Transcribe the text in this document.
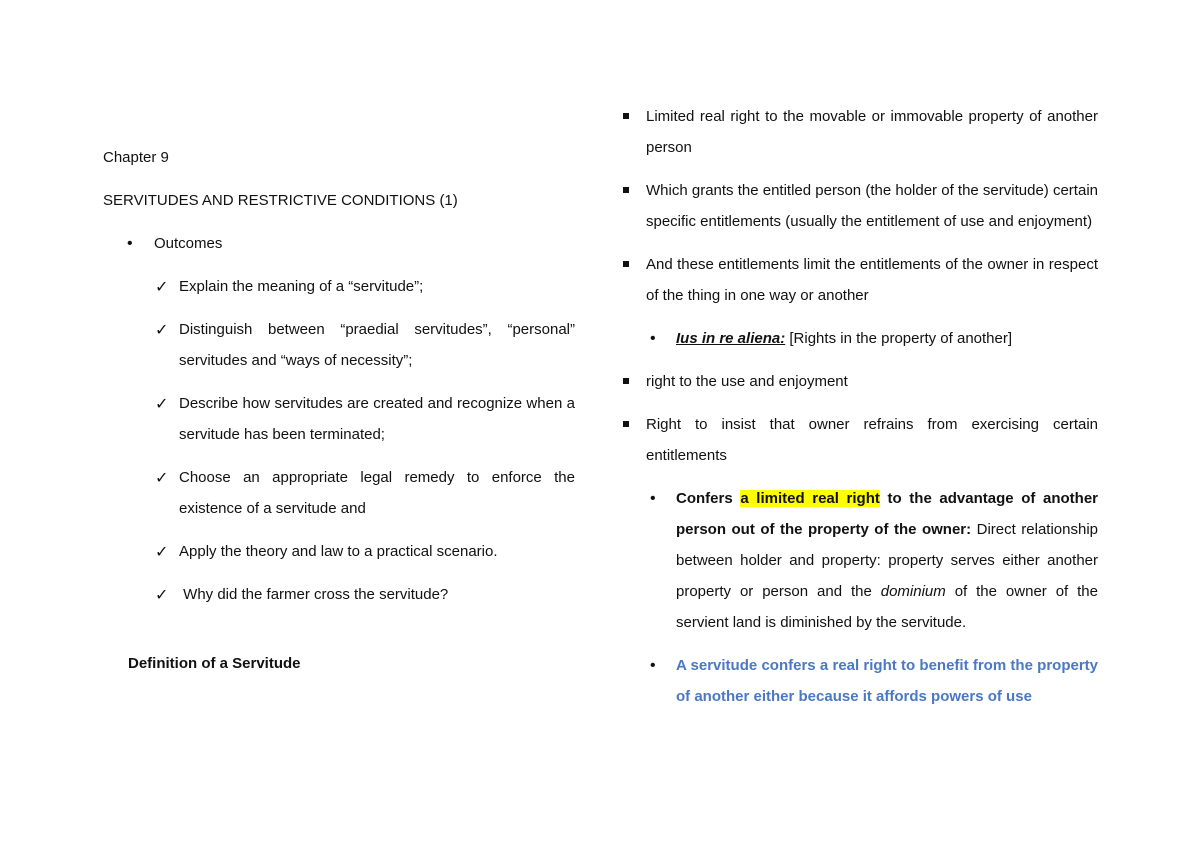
Chapter 9
SERVITUDES AND RESTRICTIVE CONDITIONS (1)
• Outcomes
✓ Explain the meaning of a “servitude”;
✓ Distinguish between “praedial servitudes”, “personal” servitudes and “ways of necessity”;
✓ Describe how servitudes are created and recognize when a servitude has been terminated;
✓ Choose an appropriate legal remedy to enforce the existence of a servitude and
✓ Apply the theory and law to a practical scenario.
✓ Why did the farmer cross the servitude?
Definition of a Servitude
Limited real right to the movable or immovable property of another person
Which grants the entitled person (the holder of the servitude) certain specific entitlements (usually the entitlement of use and enjoyment)
And these entitlements limit the entitlements of the owner in respect of the thing in one way or another
• Ius in re aliena: [Rights in the property of another]
right to the use and enjoyment
Right to insist that owner refrains from exercising certain entitlements
• Confers a limited real right to the advantage of another person out of the property of the owner: Direct relationship between holder and property: property serves either another property or person and the dominium of the owner of the servient land is diminished by the servitude.
• A servitude confers a real right to benefit from the property of another either because it affords powers of use
